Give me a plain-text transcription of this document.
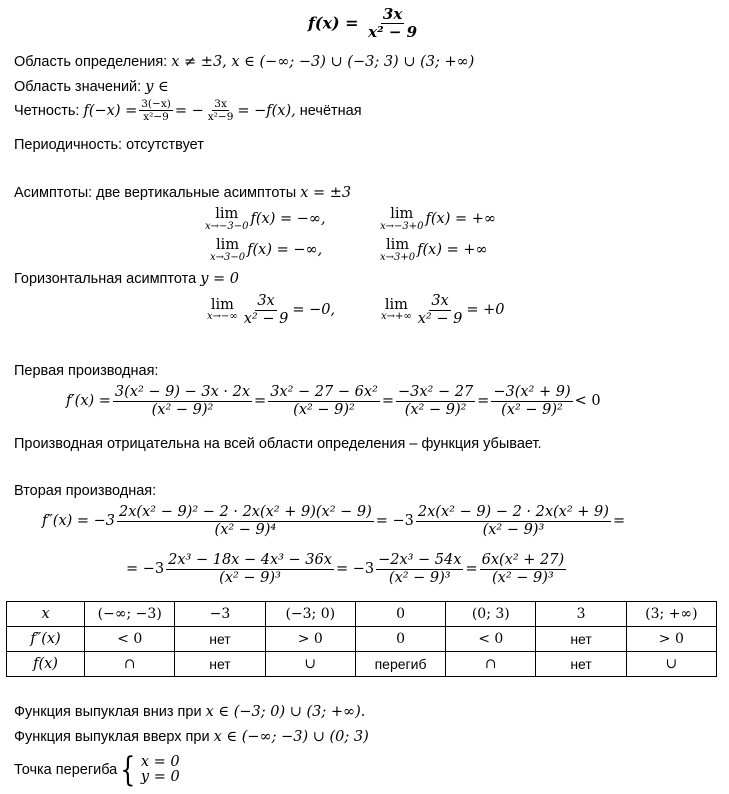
$f(x) = \frac{3x}{\text{x² − 9}}$
Область определения: x ≠ ±3, x ∈ (−∞; −3) ∪ (−3; 3) ∪ (3; +∞)
Область значений: y ∈
Четность:
$f(-x) = \frac{3(-x)}{\text{x²−9}}$ = − $\frac{3x}{\text{x²−9}} = -f(x)$,
нечётная
Периодичность: отсутствует
Асимптоты: две вертикальные асимптоты x = ±3
lim
x→−3−0 f(x) = −∞,	lim
x→−3+0 f(x) = +∞
lim
x→3−0 f(x) = −∞,	lim
x→3+0 f(x) = +∞
Горизонтальная асимптота y = 0
lim
$x\to-\infty \frac{3x}{\text{x² − 9}} = -0$,	lim
$x\to+\infty \frac{3x}{\text{x² − 9}} = +0$
Первая производная:
$f'(x) = \frac{\text{3(x² − 9) − 3x · 2x}}{\text{(x² − 9)²}} = \frac{\text{3x² − 27 − 6x²}}{\text{(x² − 9)²}} = \frac{\text{−3x² − 27}}{\text{(x² − 9)²}} = \frac{\text{−3(x² + 9)}}{\text{(x² − 9)²}} < 0$
Производная отрицательна на всей области определения – функция убывает.
Вторая производная:
$f''(x) = -3 \frac{\text{2x(x² − 9)² − 2 · 2x(x² + 9)(x² − 9)}}{\text{(x² − 9)⁴}} = -3 \frac{\text{2x(x² − 9) − 2 · 2x(x² + 9)}}{\text{(x² − 9)³}}$ =
= $-3 \frac{\text{2x³ − 18x − 4x³ − 36x}}{\text{(x² − 9)³}} = -3 \frac{\text{−2x³ − 54x}}{\text{(x² − 9)³}} = \frac{\text{6x(x² + 27)}}{\text{(x² − 9)³}}$
x	(−∞; −3)	−3	(−3; 0)	0	(0; 3)	3	(3; +∞)
f″(x)	< 0	нет	> 0	0	< 0	нет	> 0
f(x)	∩	нет	∪	перегиб	∩	нет	∪
Функция выпуклая вниз при x ∈ (−3; 0) ∪ (3; +∞).
Функция выпуклая вверх при x ∈ (−∞; −3) ∪ (0; 3)
Точка перегиба { x = 0
y = 0
